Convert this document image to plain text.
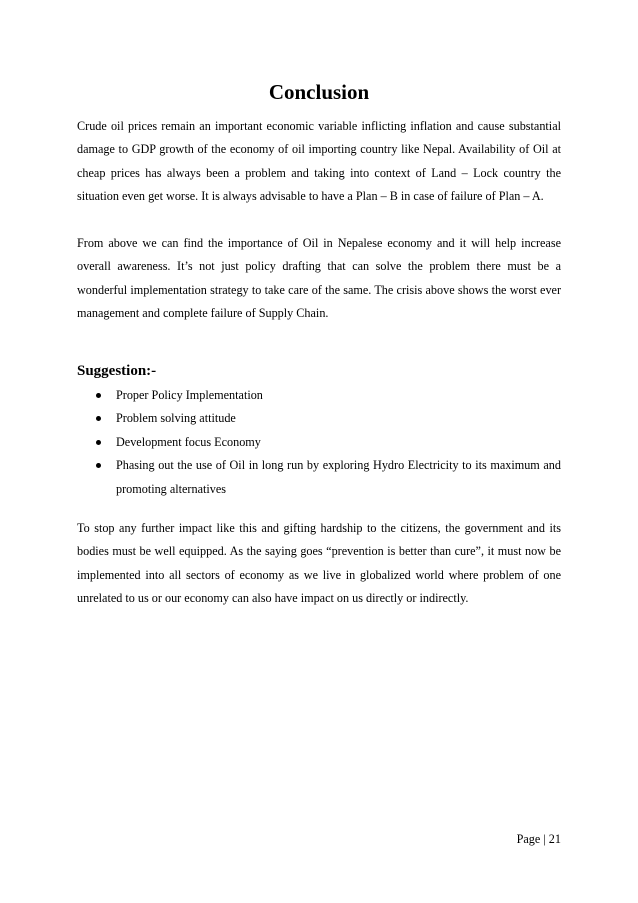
Conclusion

Crude oil prices remain an important economic variable inflicting inflation and cause substantial damage to GDP growth of the economy of oil importing country like Nepal. Availability of Oil at cheap prices has always been a problem and taking into context of Land – Lock country the situation even get worse. It is always advisable to have a Plan – B in case of failure of Plan – A.

From above we can find the importance of Oil in Nepalese economy and it will help increase overall awareness. It’s not just policy drafting that can solve the problem there must be a wonderful implementation strategy to take care of the same. The crisis above shows the worst ever management and complete failure of Supply Chain.

Suggestion:-
Proper Policy Implementation
Problem solving attitude
Development focus Economy
Phasing out the use of Oil in long run by exploring Hydro Electricity to its maximum and promoting alternatives

To stop any further impact like this and gifting hardship to the citizens, the government and its bodies must be well equipped. As the saying goes “prevention is better than cure”, it must now be implemented into all sectors of economy as we live in globalized world where problem of one unrelated to us or our economy can also have impact on us directly or indirectly.

Page | 21
